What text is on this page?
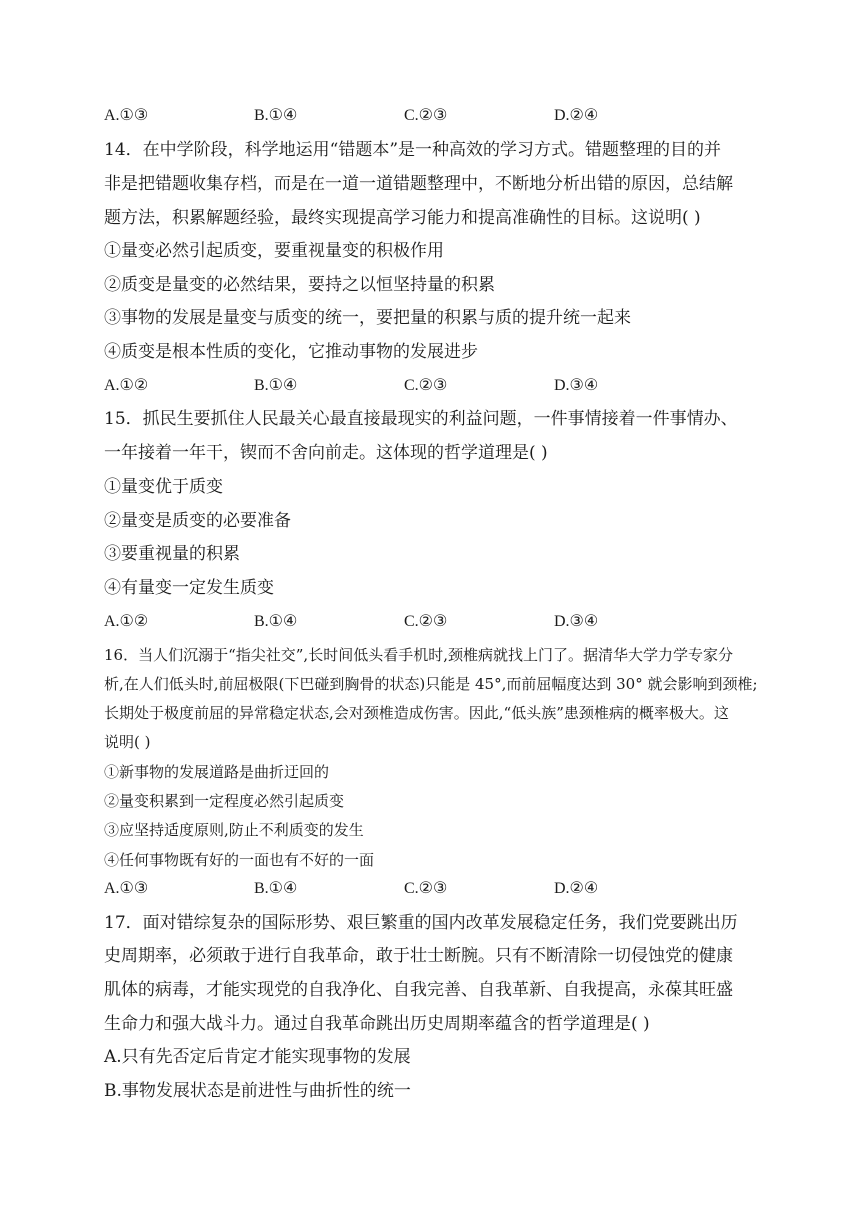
A.①③	B.①④	C.②③	D.②④
14．在中学阶段，科学地运用“错题本”是一种高效的学习方式。错题整理的目的并
非是把错题收集存档，而是在一道一道错题整理中，不断地分析出错的原因，总结解
题方法，积累解题经验，最终实现提高学习能力和提高准确性的目标。这说明( )
①量变必然引起质变，要重视量变的积极作用
②质变是量变的必然结果，要持之以恒坚持量的积累
③事物的发展是量变与质变的统一，要把量的积累与质的提升统一起来
④质变是根本性质的变化，它推动事物的发展进步
A.①②	B.①④	C.②③	D.③④
15．抓民生要抓住人民最关心最直接最现实的利益问题，一件事情接着一件事情办、
一年接着一年干，锲而不舍向前走。这体现的哲学道理是( )
①量变优于质变
②量变是质变的必要准备
③要重视量的积累
④有量变一定发生质变
A.①②	B.①④	C.②③	D.③④
16．当人们沉溺于“指尖社交”,长时间低头看手机时,颈椎病就找上门了。据清华大学力学专家分
析,在人们低头时,前屈极限(下巴碰到胸骨的状态)只能是 45°,而前屈幅度达到 30° 就会影响到颈椎;
长期处于极度前屈的异常稳定状态,会对颈椎造成伤害。因此,“低头族”患颈椎病的概率极大。这
说明( )
①新事物的发展道路是曲折迂回的
②量变积累到一定程度必然引起质变
③应坚持适度原则,防止不利质变的发生
④任何事物既有好的一面也有不好的一面
A.①③	B.①④	C.②③	D.②④
17．面对错综复杂的国际形势、艰巨繁重的国内改革发展稳定任务，我们党要跳出历
史周期率，必须敢于进行自我革命，敢于壮士断腕。只有不断清除一切侵蚀党的健康
肌体的病毒，才能实现党的自我净化、自我完善、自我革新、自我提高，永葆其旺盛
生命力和强大战斗力。通过自我革命跳出历史周期率蕴含的哲学道理是( )
A.只有先否定后肯定才能实现事物的发展
B.事物发展状态是前进性与曲折性的统一
